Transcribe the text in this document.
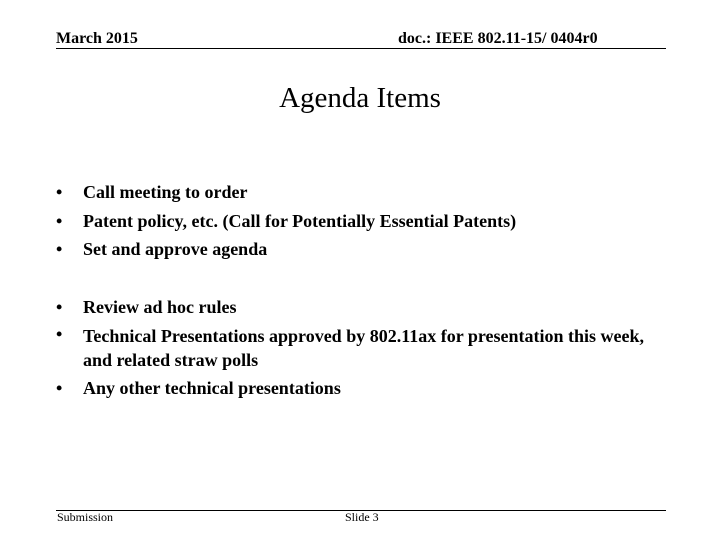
March 2015	doc.: IEEE 802.11-15/ 0404r0
Agenda Items
• Call meeting to order
• Patent policy, etc. (Call for Potentially Essential Patents)
• Set and approve agenda
• Review ad hoc rules
• Technical Presentations approved by 802.11ax for presentation this week, and related straw polls
• Any other technical presentations
Submission	Slide 3
